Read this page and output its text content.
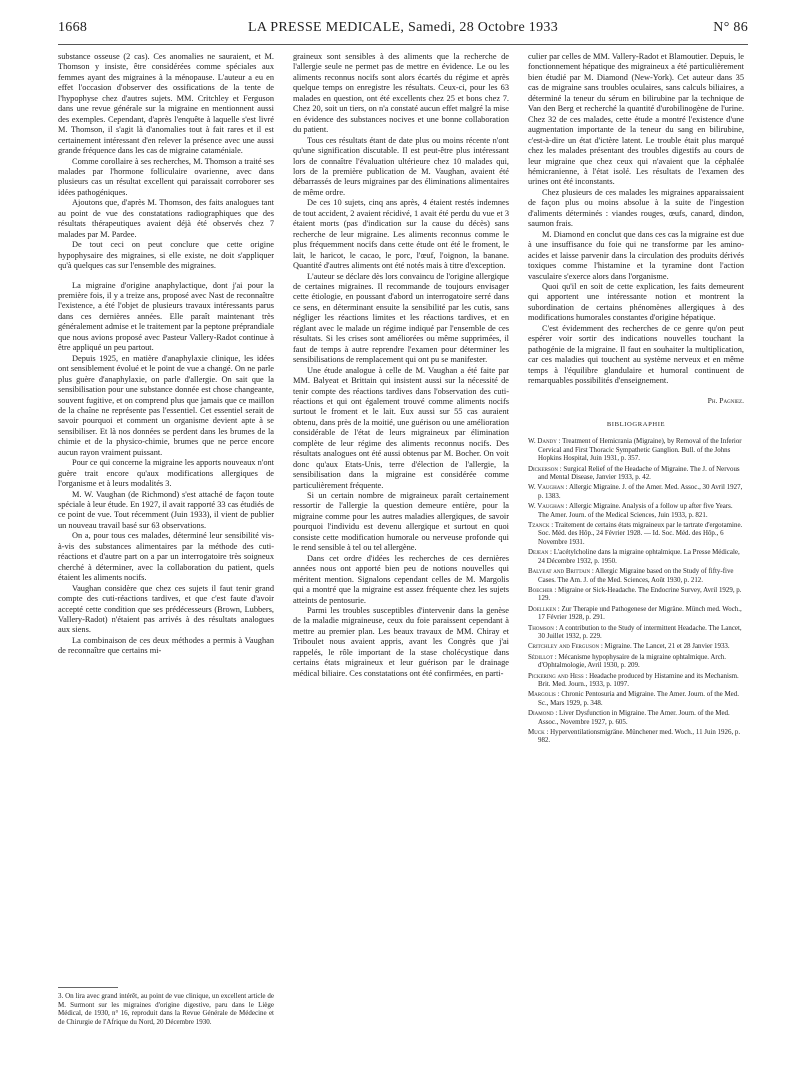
1668	LA PRESSE MEDICALE, Samedi, 28 Octobre 1933	N° 86

substance osseuse (2 cas). Ces anomalies ne sauraient, et M. Thomson y insiste, être considérées comme spéciales aux femmes ayant des migraines à la ménopause. L'auteur a eu en effet l'occasion d'observer des ossifications de la tente de l'hypophyse chez d'autres sujets. MM. Critchley et Ferguson dans une revue générale sur la migraine en mentionnent aussi des exemples. Cependant, d'après l'enquête à laquelle s'est livré M. Thomson, il s'agit là d'anomalies tout à fait rares et il est certainement intéressant d'en relever la présence avec une aussi grande fréquence dans les cas de migraine cataméniale.

Comme corollaire à ses recherches, M. Thomson a traité ses malades par l'hormone folliculaire ovarienne, avec dans plusieurs cas un résultat excellent qui paraissait corroborer ses idées pathogéniques.

Ajoutons que, d'après M. Thomson, des faits analogues tant au point de vue des constatations radiographiques que des résultats thérapeutiques avaient déjà été observés chez 7 malades par M. Pardee.

De tout ceci on peut conclure que cette origine hypophysaire des migraines, si elle existe, ne doit s'appliquer qu'à quelques cas sur l'ensemble des migraines.

La migraine d'origine anaphylactique, dont j'ai pour la première fois, il y a treize ans, proposé avec Nast de reconnaître l'existence, a été l'objet de plusieurs travaux intéressants parus dans ces dernières années. Elle paraît maintenant très généralement admise et le traitement par la peptone préprandiale que nous avions proposé avec Pasteur Vallery-Radot continue à être appliqué un peu partout.

Depuis 1925, en matière d'anaphylaxie clinique, les idées ont sensiblement évolué et le point de vue a changé. On ne parle plus guère d'anaphylaxie, on parle d'allergie. On sait que la sensibilisation pour une substance donnée est chose changeante, souvent fugitive, et on comprend plus que jamais que ce maillon de la chaîne ne représente pas l'essentiel. Cet essentiel serait de savoir pourquoi et comment un organisme devient apte à se sensibiliser. Et là nos données se perdent dans les brumes de la chimie et de la physico-chimie, brumes que ne perce encore aucun rayon vraiment puissant.

Pour ce qui concerne la migraine les apports nouveaux n'ont guère trait encore qu'aux modifications allergiques de l'organisme et à leurs modalités 3.

M. W. Vaughan (de Richmond) s'est attaché de façon toute spéciale à leur étude. En 1927, il avait rapporté 33 cas étudiés de ce point de vue. Tout récemment (Juin 1933), il vient de publier un nouveau travail basé sur 63 observations.

On a, pour tous ces malades, déterminé leur sensibilité vis-à-vis des substances alimentaires par la méthode des cuti-réactions et d'autre part on a par un interrogatoire très soigneux cherché à déterminer, avec la collaboration du patient, quels étaient les aliments nocifs.

Vaughan considère que chez ces sujets il faut tenir grand compte des cuti-réactions tardives, et que c'est faute d'avoir accepté cette condition que ses prédécesseurs (Brown, Lubbers, Vallery-Radot) n'étaient pas arrivés à des résultats analogues aux siens.

La combinaison de ces deux méthodes a permis à Vaughan de reconnaître que certains mi-

3. On lira avec grand intérêt, au point de vue clinique, un excellent article de M. Surmont sur les migraines d'origine digestive, paru dans le Liège Médical, de 1930, n° 16, reproduit dans la Revue Générale de Médecine et de Chirurgie de l'Afrique du Nord, 20 Décembre 1930.

graineux sont sensibles à des aliments que la recherche de l'allergie seule ne permet pas de mettre en évidence. Le ou les aliments reconnus nocifs sont alors écartés du régime et après quelque temps on enregistre les résultats. Ceux-ci, pour les 63 malades en question, ont été excellents chez 25 et bons chez 7. Chez 20, soit un tiers, on n'a constaté aucun effet malgré la mise en évidence des substances nocives et une bonne collaboration du patient.

Tous ces résultats étant de date plus ou moins récente n'ont qu'une signification discutable. Il est peut-être plus intéressant lors de connaître l'évaluation ultérieure chez 10 malades qui, lors de la première publication de M. Vaughan, avaient été débarrassés de leurs migraines par des éliminations alimentaires de même ordre.

De ces 10 sujets, cinq ans après, 4 étaient restés indemnes de tout accident, 2 avaient récidivé, 1 avait été perdu du vue et 3 étaient morts (pas d'indication sur la cause du décès) sans recherche de leur migraine. Les aliments reconnus comme le plus fréquemment nocifs dans cette étude ont été le froment, le lait, le haricot, le cacao, le porc, l'œuf, l'oignon, la banane. Quantité d'autres aliments ont été notés mais à titre d'exception.

L'auteur se déclare dès lors convaincu de l'origine allergique de certaines migraines. Il recommande de toujours envisager cette étiologie, en poussant d'abord un interrogatoire serré dans ce sens, en déterminant ensuite la sensibilité par les cutis, sans négliger les réactions limites et les réactions tardives, et en réglant avec le malade un régime indiqué par l'ensemble de ces résultats. Si les crises sont améliorées ou même supprimées, il faut de temps à autre reprendre l'examen pour déterminer les sensibilisations de remplacement qui ont pu se manifester.

Une étude analogue à celle de M. Vaughan a été faite par MM. Balyeat et Brittain qui insistent aussi sur la nécessité de tenir compte des réactions tardives dans l'observation des cuti-réactions et qui ont également trouvé comme aliments nocifs surtout le froment et le lait. Eux aussi sur 55 cas auraient obtenu, dans près de la moitié, une guérison ou une amélioration considérable de l'état de leurs migraineux par élimination complète de leur régime des aliments reconnus nocifs. Des résultats analogues ont été aussi obtenus par M. Bocher. On voit donc qu'aux Etats-Unis, terre d'élection de l'allergie, la sensibilisation dans la migraine est considérée comme particulièrement fréquente.

Si un certain nombre de migraineux paraît certainement ressortir de l'allergie la question demeure entière, pour la migraine comme pour les autres maladies allergiques, de savoir pourquoi l'individu est devenu allergique et surtout en quoi consiste cette modification humorale ou nerveuse profonde qui le rend sensible à tel ou tel allergène.

Dans cet ordre d'idées les recherches de ces dernières années nous ont apporté bien peu de notions nouvelles qui méritent mention. Signalons cependant celles de M. Margolis qui a montré que la migraine est assez fréquente chez les sujets atteints de pentosurie.

Parmi les troubles susceptibles d'intervenir dans la genèse de la maladie migraineuse, ceux du foie paraissent cependant à mettre au premier plan. Les beaux travaux de MM. Chiray et Triboulet nous avaient appris, avant les Congrès que j'ai rappelés, le rôle important de la stase cholécystique dans certains états migraineux et leur guérison par le drainage médical biliaire. Ces constatations ont été confirmées, en parti-

culier par celles de MM. Vallery-Radot et Blamoutier. Depuis, le fonctionnement hépatique des migraineux a été particulièrement bien étudié par M. Diamond (New-York). Cet auteur dans 35 cas de migraine sans troubles oculaires, sans calculs biliaires, a déterminé la teneur du sérum en bilirubine par la technique de Van den Berg et recherché la quantité d'urobilinogène de l'urine. Chez 32 de ces malades, cette étude a montré l'existence d'une augmentation importante de la teneur du sang en bilirubine, c'est-à-dire un état d'ictère latent. Le trouble était plus marqué chez les malades présentant des troubles digestifs au cours de leur migraine que chez ceux qui n'avaient que la céphalée hémicranienne, à l'état isolé. Les résultats de l'examen des urines ont été inconstants.

Chez plusieurs de ces malades les migraines apparaissaient de façon plus ou moins absolue à la suite de l'ingestion d'aliments déterminés : viandes rouges, œufs, canard, dindon, saumon frais.

M. Diamond en conclut que dans ces cas la migraine est due à une insuffisance du foie qui ne transforme par les amino-acides et laisse parvenir dans la circulation des produits dérivés toxiques comme l'histamine et la tyramine dont l'action vasculaire s'exerce alors dans l'organisme.

Quoi qu'il en soit de cette explication, les faits demeurent qui apportent une intéressante notion et montrent la subordination de certains phénomènes allergiques à des modifications humorales constantes d'origine hépatique.

C'est évidemment des recherches de ce genre qu'on peut espérer voir sortir des indications nouvelles touchant la pathogénie de la migraine. Il faut en souhaiter la multiplication, car ces maladies qui touchent au système nerveux et en même temps à l'équilibre glandulaire et humoral continuent de remarquables possibilités d'enseignement.

Ph. Pagniez.
BIBLIOGRAPHIE
W. Dandy : Treatment of Hemicrania (Migraine), by Removal of the Inferior Cervical and First Thoracic Sympathetic Ganglion. Bull. of the Johns Hopkins Hospital, Juin 1931, p. 357.
Dickerson : Surgical Relief of the Headache of Migraine. The J. of Nervous and Mental Disease, Janvier 1933, p. 42.
W. Vaughan : Allergic Migraine. J. of the Amer. Med. Assoc., 30 Avril 1927, p. 1383.
W. Vaughan : Allergic Migraine. Analysis of a follow up after five Years. The Amer. Journ. of the Medical Sciences, Juin 1933, p. 821.
Tzanck : Traitement de certains états migraineux par le tartrate d'ergotamine. Soc. Méd. des Hôp., 24 Février 1928. — Id. Soc. Méd. des Hôp., 6 Novembre 1931.
Dejean : L'acétylcholine dans la migraine ophtalmique. La Presse Médicale, 24 Décembre 1932, p. 1950.
Balyeat and Brittain : Allergic Migraine based on the Study of fifty-five Cases. The Am. J. of the Med. Sciences, Août 1930, p. 212.
Boecher : Migraine or Sick-Headache. The Endocrine Survey, Avril 1929, p. 129.
Doellken : Zur Therapie und Pathogenese der Migräne. Münch med. Woch., 17 Février 1928, p. 291.
Thomson : A contribution to the Study of intermittent Headache. The Lancet, 30 Juillet 1932, p. 229.
Critchley and Ferguson : Migraine. The Lancet, 21 et 28 Janvier 1933.
Sédillot : Mécanisme hypophysaire de la migraine ophtalmique. Arch. d'Ophtalmologie, Avril 1930, p. 209.
Pickering and Hess : Headache produced by Histamine and its Mechanism. Brit. Med. Journ., 1933, p. 1097.
Margolis : Chronic Pentosuria and Migraine. The Amer. Journ. of the Med. Sc., Mars 1929, p. 348.
Diamond : Liver Dysfunction in Migraine. The Amer. Journ. of the Med. Assoc., Novembre 1927, p. 605.
Muck : Hyperventilationsmigräne. Münchener med. Woch., 11 Juin 1926, p. 982.
